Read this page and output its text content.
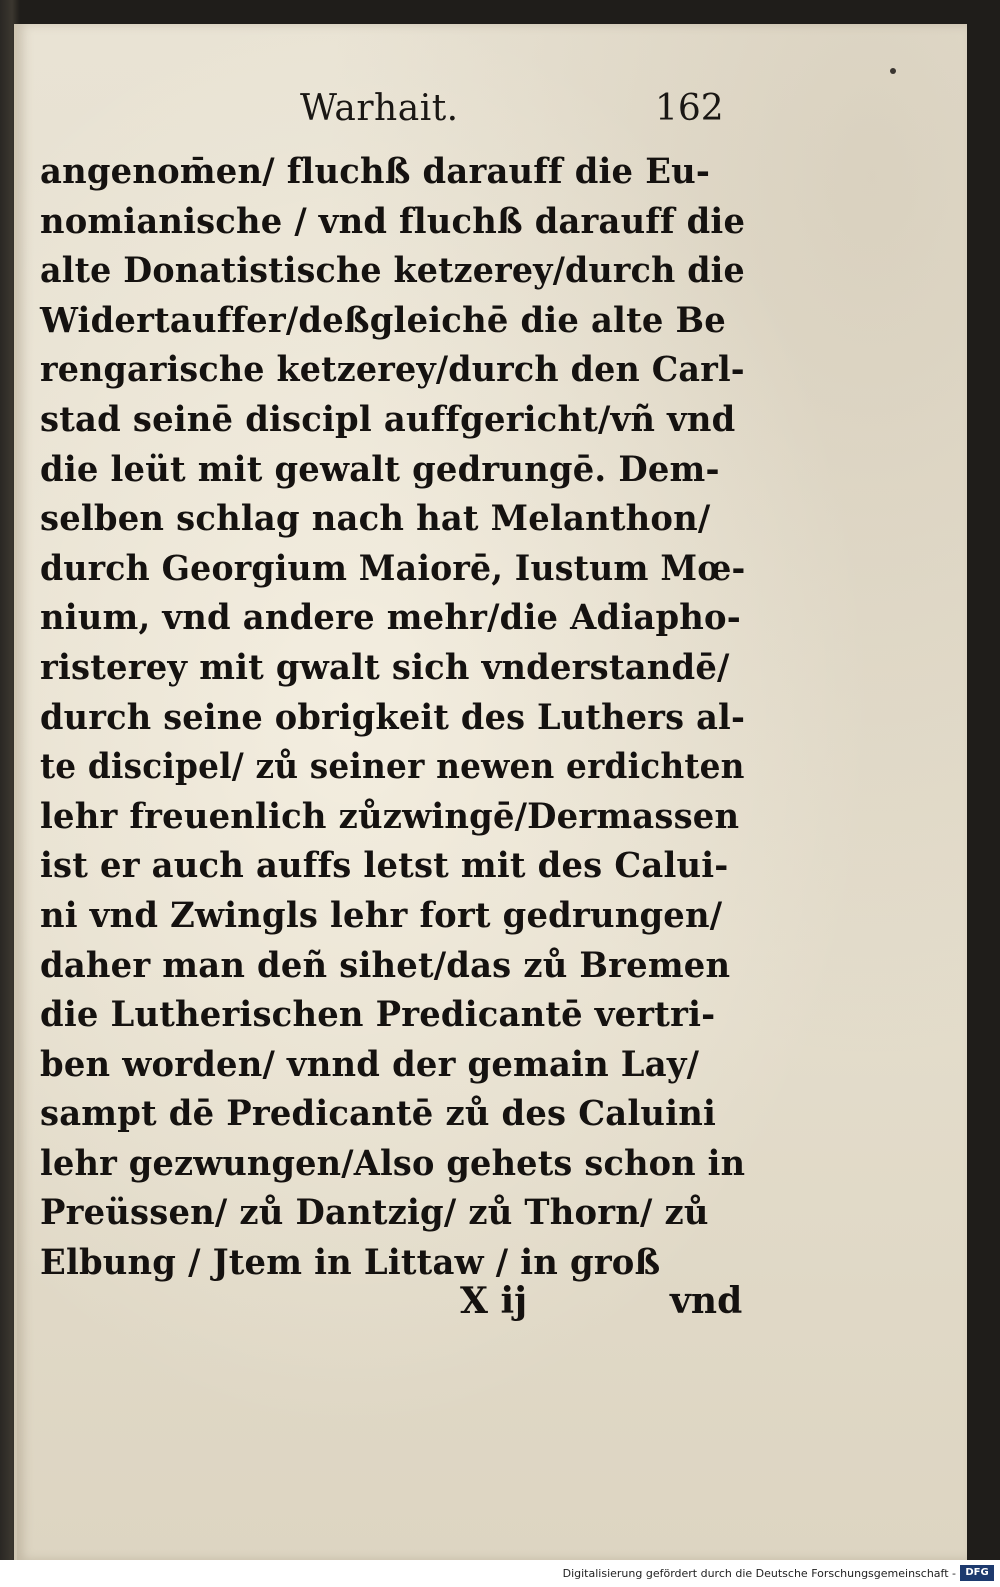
Warhait.	162
angenom̄en/ fluchß darauff die Eu-
nomianische / vnd fluchß darauff die
alte Donatistische ketzerey/durch die
Widertauffer/deßgleichē die alte Be
rengarische ketzerey/durch den Carl-
stad seinē discipl auffgericht/vñ vnd
die leüt mit gewalt gedrungē. Dem-
selben schlag nach hat Melanthon/
durch Georgium Maiorē, Iustum Mœ-
nium, vnd andere mehr/die Adiapho-
risterey mit gwalt sich vnderstandē/
durch seine obrigkeit des Luthers al-
te discipel/ zů seiner newen erdichten
lehr freuenlich zůzwingē/Dermassen
ist er auch auffs letst mit des Calui-
ni vnd Zwingls lehr fort gedrungen/
daher man deñ sihet/das zů Bremen
die Lutherischen Predicantē vertri-
ben worden/ vnnd der gemain Lay/
sampt dē Predicantē zů des Caluini
lehr gezwungen/Also gehets schon in
Preüssen/ zů Dantzig/ zů Thorn/ zů
Elbung / Jtem in Littaw / in groß
X ij	vnd
Digitalisierung gefördert durch die Deutsche Forschungsgemeinschaft - DFG
